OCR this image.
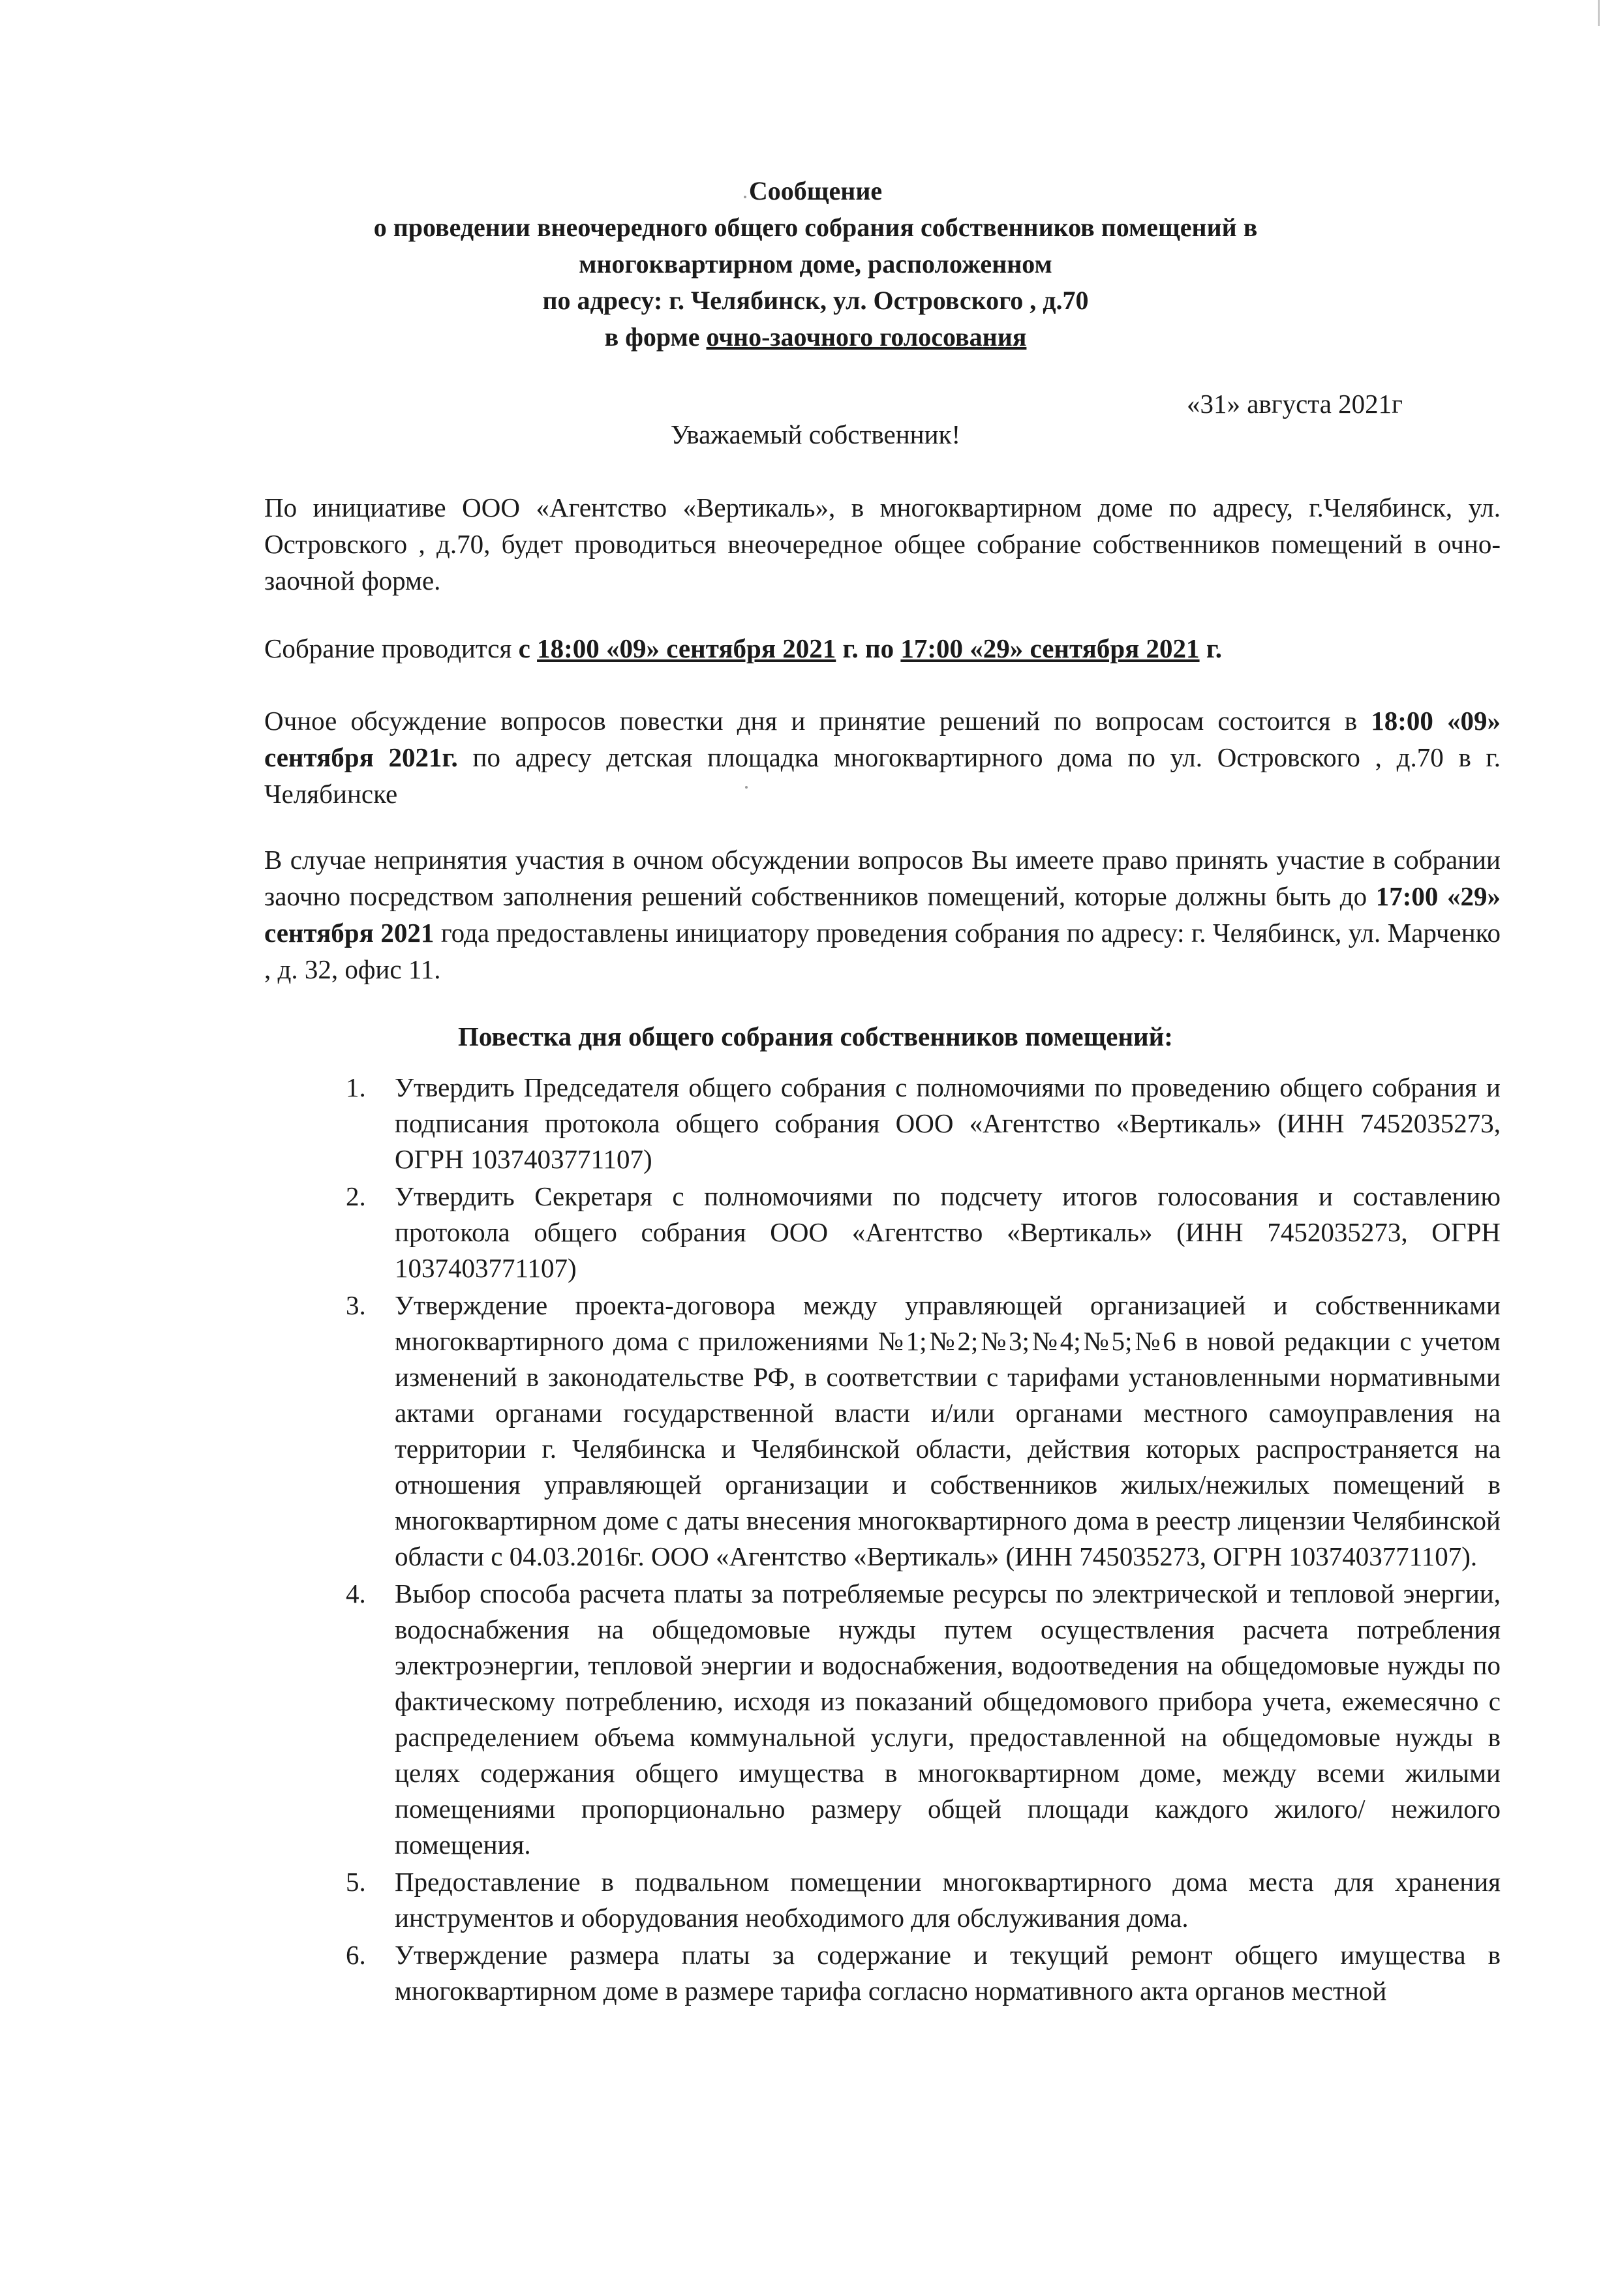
Сообщение
о проведении внеочередного общего собрания собственников помещений в
многоквартирном доме, расположенном
по адресу: г. Челябинск, ул. Островского , д.70
в форме очно-заочного голосования
«31» августа 2021г
Уважаемый собственник!
По инициативе ООО «Агентство «Вертикаль», в многоквартирном доме по адресу, г.Челябинск, ул. Островского , д.70, будет проводиться внеочередное общее собрание собственников помещений в очно-заочной форме.
Собрание проводится с 18:00 «09» сентября 2021 г. по 17:00 «29» сентября 2021 г.
Очное обсуждение вопросов повестки дня и принятие решений по вопросам состоится в 18:00 «09» сентября 2021г. по адресу детская площадка многоквартирного дома по ул. Островского , д.70 в г. Челябинске
В случае непринятия участия в очном обсуждении вопросов Вы имеете право принять участие в собрании заочно посредством заполнения решений собственников помещений, которые должны быть до 17:00 «29» сентября 2021 года предоставлены инициатору проведения собрания по адресу: г. Челябинск, ул. Марченко , д. 32, офис 11.
Повестка дня общего собрания собственников помещений:
1.	Утвердить Председателя общего собрания с полномочиями по проведению общего собрания и подписания протокола общего собрания ООО «Агентство «Вертикаль» (ИНН 7452035273, ОГРН 1037403771107)
2.	Утвердить Секретаря с полномочиями по подсчету итогов голосования и составлению протокола общего собрания ООО «Агентство «Вертикаль» (ИНН 7452035273, ОГРН 1037403771107)
3.	Утверждение проекта-договора между управляющей организацией и собственниками многоквартирного дома с приложениями №1;№2;№3;№4;№5;№6 в новой редакции с учетом изменений в законодательстве РФ, в соответствии с тарифами установленными нормативными актами органами государственной власти и/или органами местного самоуправления на территории г. Челябинска и Челябинской области, действия которых распространяется на отношения управляющей организации и собственников жилых/нежилых помещений в многоквартирном доме с даты внесения многоквартирного дома в реестр лицензии Челябинской области с 04.03.2016г. ООО «Агентство «Вертикаль» (ИНН 745035273, ОГРН 1037403771107).
4.	Выбор способа расчета платы за потребляемые ресурсы по электрической и тепловой энергии, водоснабжения на общедомовые нужды путем осуществления расчета потребления электроэнергии, тепловой энергии и водоснабжения, водоотведения на общедомовые нужды по фактическому потреблению, исходя из показаний общедомового прибора учета, ежемесячно с распределением объема коммунальной услуги, предоставленной на общедомовые нужды в целях содержания общего имущества в многоквартирном доме, между всеми жилыми помещениями пропорционально размеру общей площади каждого жилого/ нежилого помещения.
5.	Предоставление в подвальном помещении многоквартирного дома места для хранения инструментов и оборудования необходимого для обслуживания дома.
6.	Утверждение размера платы за содержание и текущий ремонт общего имущества в многоквартирном доме в размере тарифа согласно нормативного акта органов местной
